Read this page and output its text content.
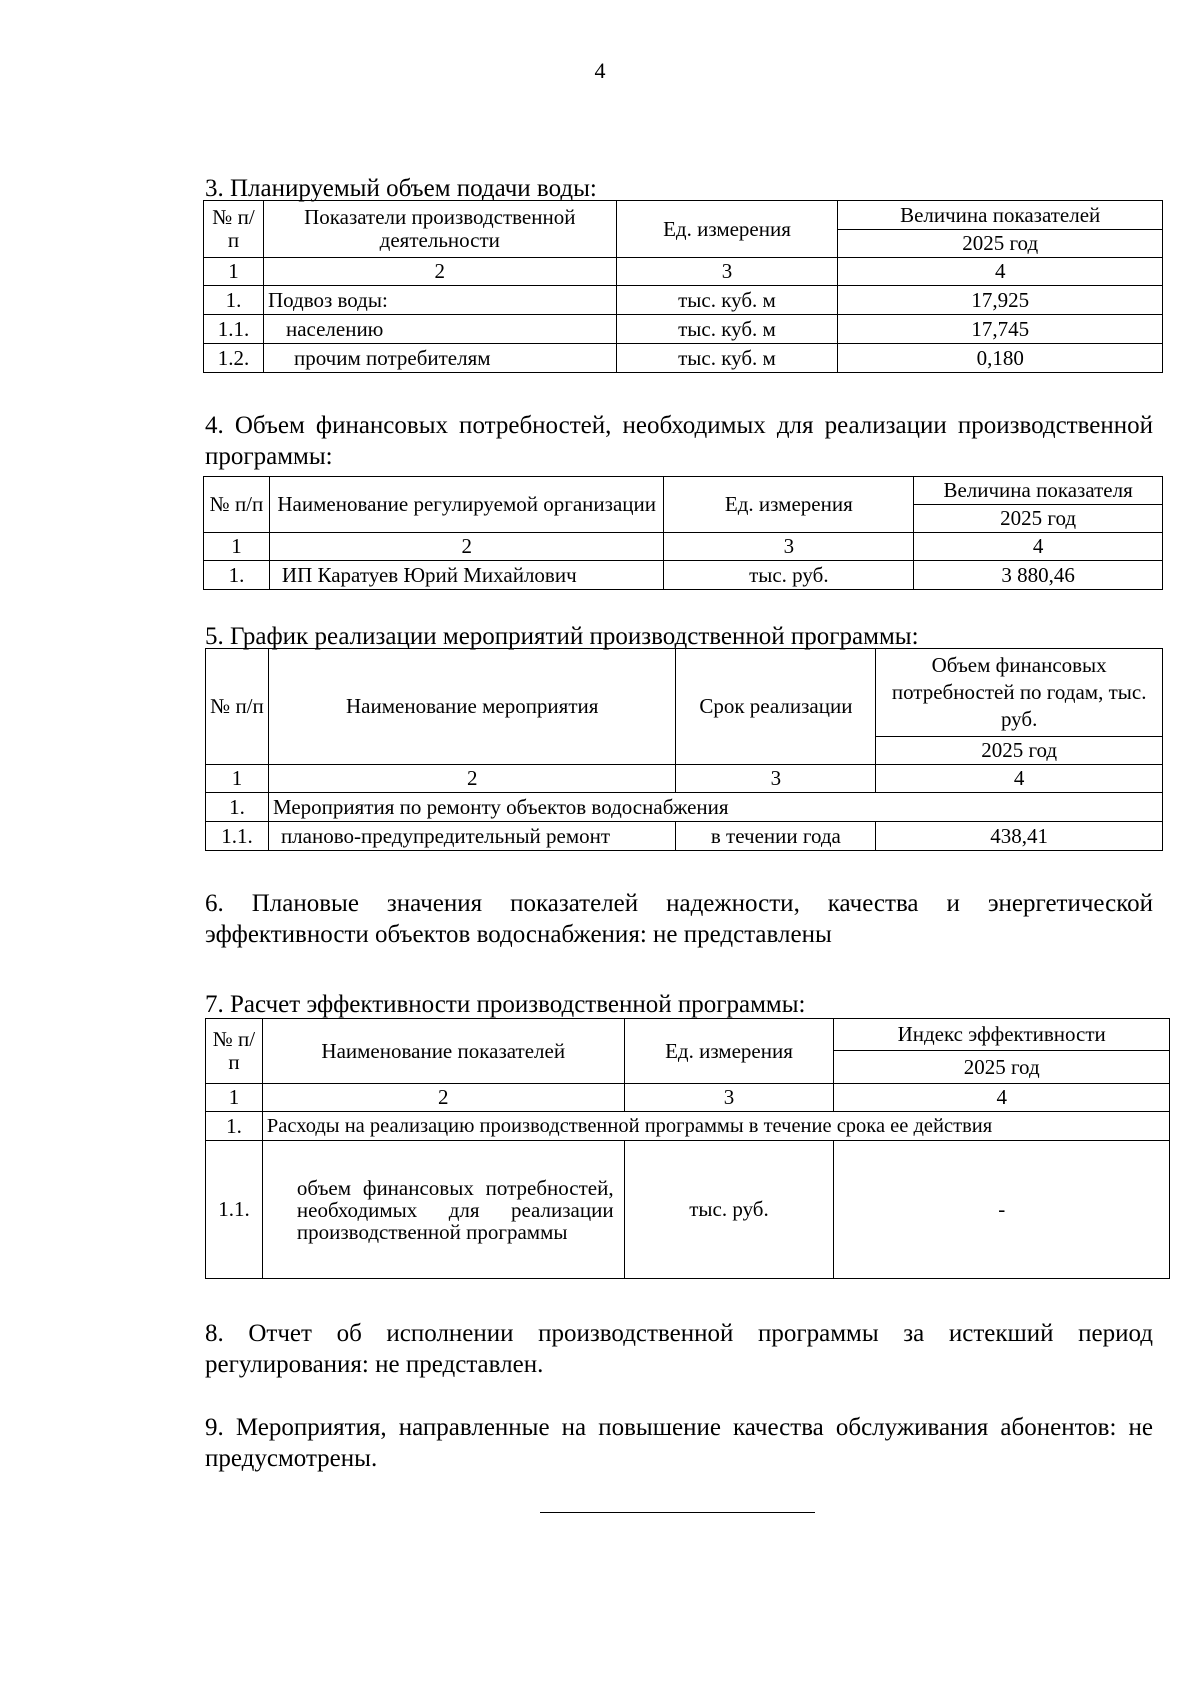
4
3. Планируемый объем подачи воды:
№ п/п	Показатели производственной деятельности	Ед. измерения	Величина показателей
			2025 год
1	2	3	4
1.	Подвоз воды:	тыс. куб. м	17,925
1.1.	населению	тыс. куб. м	17,745
1.2.	прочим потребителям	тыс. куб. м	0,180
4. Объем финансовых потребностей, необходимых для реализации производственной программы:
№ п/п	Наименование регулируемой организации	Ед. измерения	Величина показателя
			2025 год
1	2	3	4
1.	ИП Каратуев Юрий Михайлович	тыс. руб.	3 880,46
5. График реализации мероприятий производственной программы:
№ п/п	Наименование мероприятия	Срок реализации	Объем финансовых потребностей по годам, тыс. руб.
			2025 год
1	2	3	4
1.	Мероприятия по ремонту объектов водоснабжения		
1.1.	планово-предупредительный ремонт	в течении года	438,41
6. Плановые значения показателей надежности, качества и энергетической эффективности объектов водоснабжения: не представлены
7. Расчет эффективности производственной программы:
№ п/п	Наименование показателей	Ед. измерения	Индекс эффективности
			2025 год
1	2	3	4
1.	Расходы на реализацию производственной программы в течение срока ее действия		
1.1.	объем финансовых потребностей, необходимых для реализации производственной программы	тыс. руб.	-
8. Отчет об исполнении производственной программы за истекший период регулирования: не представлен.
9. Мероприятия, направленные на повышение качества обслуживания абонентов: не предусмотрены.
